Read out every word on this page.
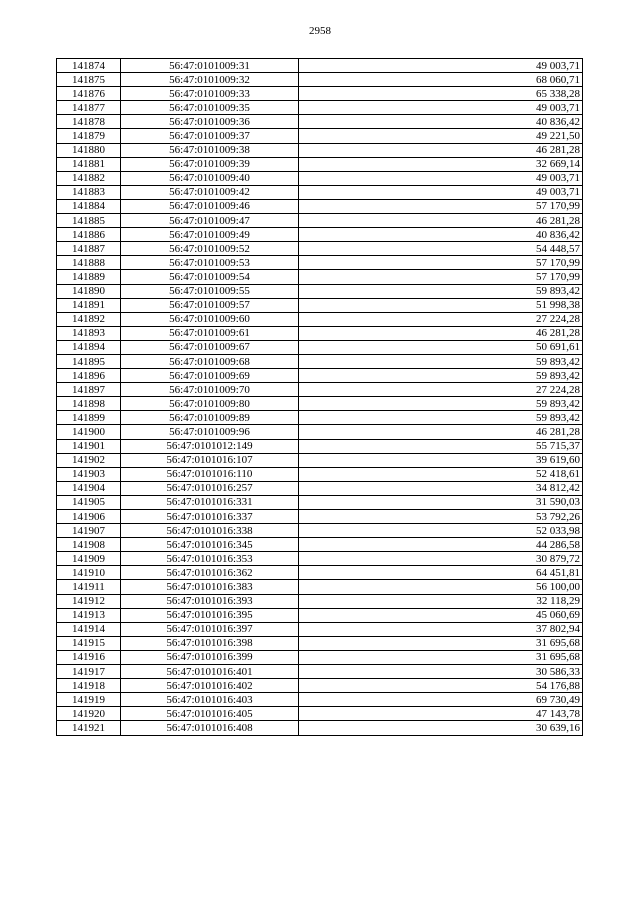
2958
141874	56:47:0101009:31	49 003,71
141875	56:47:0101009:32	68 060,71
141876	56:47:0101009:33	65 338,28
141877	56:47:0101009:35	49 003,71
141878	56:47:0101009:36	40 836,42
141879	56:47:0101009:37	49 221,50
141880	56:47:0101009:38	46 281,28
141881	56:47:0101009:39	32 669,14
141882	56:47:0101009:40	49 003,71
141883	56:47:0101009:42	49 003,71
141884	56:47:0101009:46	57 170,99
141885	56:47:0101009:47	46 281,28
141886	56:47:0101009:49	40 836,42
141887	56:47:0101009:52	54 448,57
141888	56:47:0101009:53	57 170,99
141889	56:47:0101009:54	57 170,99
141890	56:47:0101009:55	59 893,42
141891	56:47:0101009:57	51 998,38
141892	56:47:0101009:60	27 224,28
141893	56:47:0101009:61	46 281,28
141894	56:47:0101009:67	50 691,61
141895	56:47:0101009:68	59 893,42
141896	56:47:0101009:69	59 893,42
141897	56:47:0101009:70	27 224,28
141898	56:47:0101009:80	59 893,42
141899	56:47:0101009:89	59 893,42
141900	56:47:0101009:96	46 281,28
141901	56:47:0101012:149	55 715,37
141902	56:47:0101016:107	39 619,60
141903	56:47:0101016:110	52 418,61
141904	56:47:0101016:257	34 812,42
141905	56:47:0101016:331	31 590,03
141906	56:47:0101016:337	53 792,26
141907	56:47:0101016:338	52 033,98
141908	56:47:0101016:345	44 286,58
141909	56:47:0101016:353	30 879,72
141910	56:47:0101016:362	64 451,81
141911	56:47:0101016:383	56 100,00
141912	56:47:0101016:393	32 118,29
141913	56:47:0101016:395	45 060,69
141914	56:47:0101016:397	37 802,94
141915	56:47:0101016:398	31 695,68
141916	56:47:0101016:399	31 695,68
141917	56:47:0101016:401	30 586,33
141918	56:47:0101016:402	54 176,88
141919	56:47:0101016:403	69 730,49
141920	56:47:0101016:405	47 143,78
141921	56:47:0101016:408	30 639,16
